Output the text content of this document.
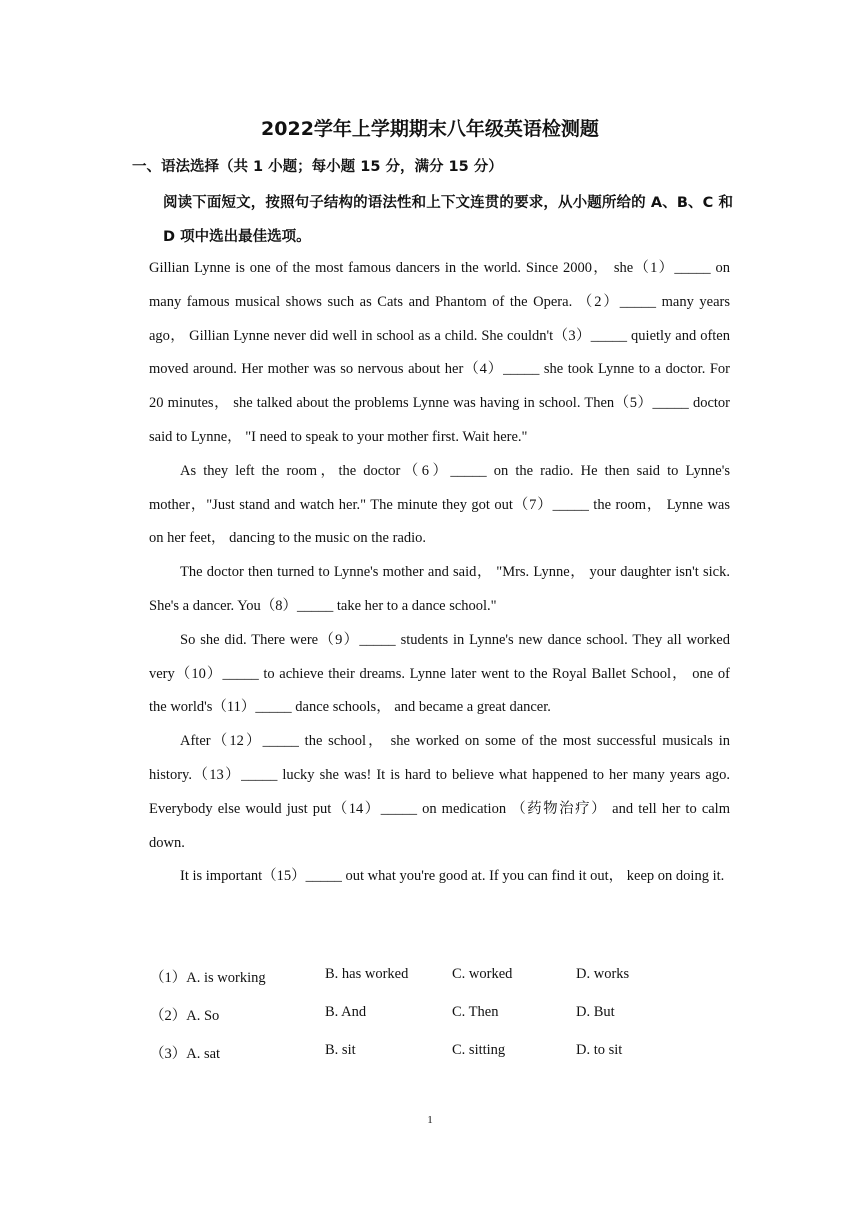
2022学年上学期期末八年级英语检测题
一、语法选择（共 1 小题；每小题 15 分，满分 15 分）
阅读下面短文，按照句子结构的语法性和上下文连贯的要求，从小题所给的 A、B、C 和 D 项中选出最佳选项。

Gillian Lynne is one of the most famous dancers in the world. Since 2000， she（1）_____ on many famous musical shows such as Cats and Phantom of the Opera. （2）_____ many years ago， Gillian Lynne never did well in school as a child. She couldn't（3）_____ quietly and often moved around. Her mother was so nervous about her（4）_____ she took Lynne to a doctor. For 20 minutes， she talked about the problems Lynne was having in school. Then（5）_____ doctor said to Lynne， "I need to speak to your mother first. Wait here."

As they left the room，the doctor（6）_____ on the radio. He then said to Lynne's mother，"Just stand and watch her." The minute they got out（7）_____ the room， Lynne was on her feet， dancing to the music on the radio.

The doctor then turned to Lynne's mother and said， "Mrs. Lynne， your daughter isn't sick. She's a dancer. You（8）_____ take her to a dance school."

So she did. There were（9）_____ students in Lynne's new dance school. They all worked very（10）_____ to achieve their dreams. Lynne later went to the Royal Ballet School， one of the world's（11）_____ dance schools， and became a great dancer.

After（12）_____ the school， she worked on some of the most successful musicals in history.（13）_____ lucky she was! It is hard to believe what happened to her many years ago. Everybody else would just put（14）_____ on medication （药物治疗） and tell her to calm down.

It is important（15）_____ out what you're good at. If you can find it out， keep on doing it.

（1）A. is working	B. has worked	C. worked	D. works
（2）A. So	B. And	C. Then	D. But
（3）A. sat	B. sit	C. sitting	D. to sit
1
